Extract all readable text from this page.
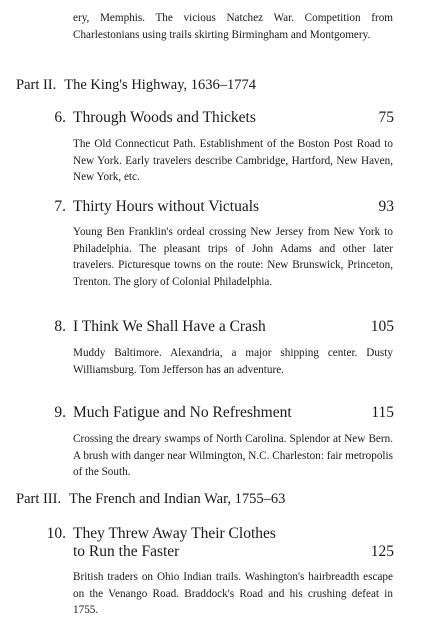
ery, Memphis. The vicious Natchez War. Competition from Charlestonians using trails skirting Birmingham and Montgomery.
Part II. The King's Highway, 1636–1774
6. Through Woods and Thickets	75
The Old Connecticut Path. Establishment of the Boston Post Road to New York. Early travelers describe Cambridge, Hartford, New Haven, New York, etc.
7. Thirty Hours without Victuals	93
Young Ben Franklin's ordeal crossing New Jersey from New York to Philadelphia. The pleasant trips of John Adams and other later travelers. Picturesque towns on the route: New Brunswick, Princeton, Trenton. The glory of Colonial Philadelphia.
8. I Think We Shall Have a Crash	105
Muddy Baltimore. Alexandria, a major shipping center. Dusty Williamsburg. Tom Jefferson has an adventure.
9. Much Fatigue and No Refreshment	115
Crossing the dreary swamps of North Carolina. Splendor at New Bern. A brush with danger near Wilmington, N.C. Charleston: fair metropolis of the South.
Part III. The French and Indian War, 1755–63
10. They Threw Away Their Clothes
to Run the Faster	125
British traders on Ohio Indian trails. Washington's hairbreadth escape on the Venango Road. Braddock's Road and his crushing defeat in 1755.
